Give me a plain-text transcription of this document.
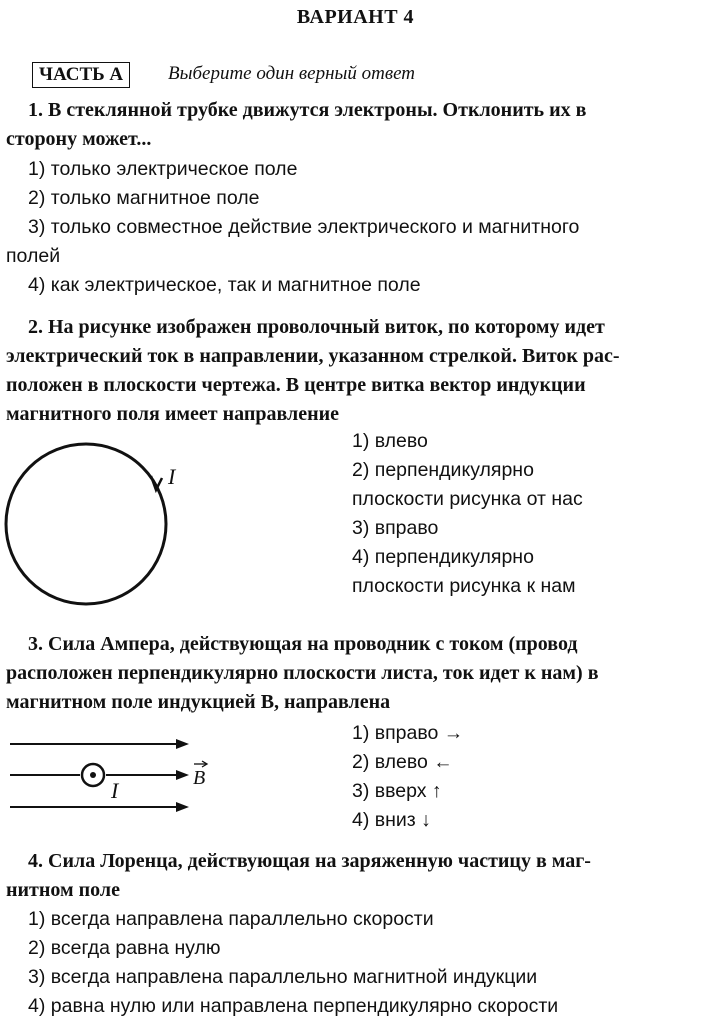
ВАРИАНТ 4
ЧАСТЬ А	Выберите один верный ответ
1. В стеклянной трубке движутся электроны. Отклонить их в
сторону может...
1) только электрическое поле
2) только магнитное поле
3) только совместное действие электрического и магнитного
полей
4) как электрическое, так и магнитное поле
2. На рисунке изображен проволочный виток, по которому идет
электрический ток в направлении, указанном стрелкой. Виток рас-
положен в плоскости чертежа. В центре витка вектор индукции
магнитного поля имеет направление
I
1) влево
2) перпендикулярно
плоскости рисунка от нас
3) вправо
4) перпендикулярно
плоскости рисунка к нам
3. Сила Ампера, действующая на проводник с током (провод
расположен перпендикулярно плоскости листа, ток идет к нам) в
магнитном поле индукцией B, направлена
I	B
1) вправо →
2) влево ←
3) вверх ↑
4) вниз ↓
4. Сила Лоренца, действующая на заряженную частицу в маг-
нитном поле
1) всегда направлена параллельно скорости
2) всегда равна нулю
3) всегда направлена параллельно магнитной индукции
4) равна нулю или направлена перпендикулярно скорости
